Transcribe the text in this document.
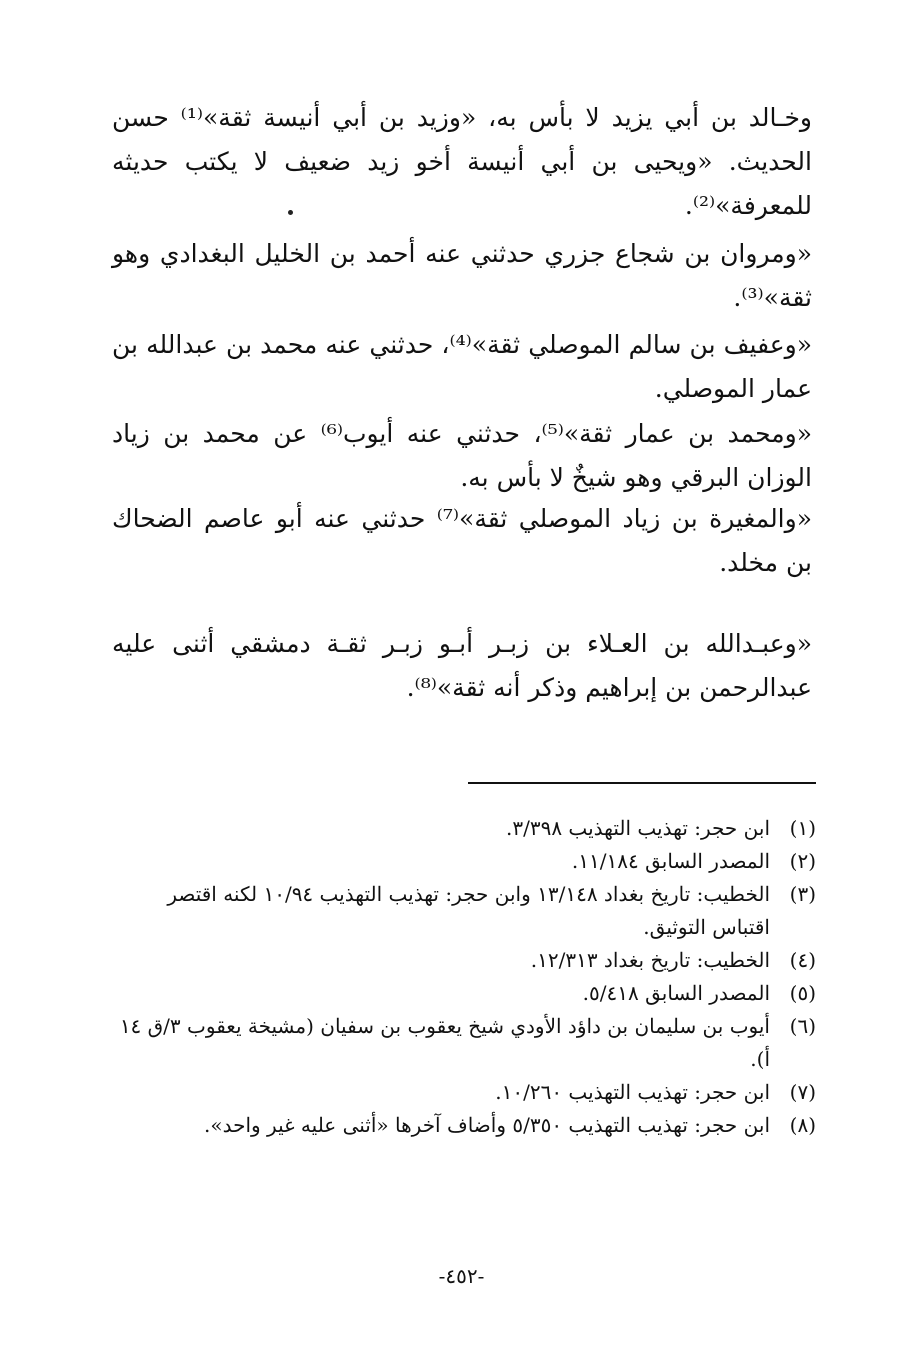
وخـالد بن أبي يزيد لا بأس به، «وزيد بن أبي أنيسة ثقة»⁽¹⁾ حسن الحديث. «ويحيى بن أبي أنيسة أخو زيد ضعيف لا يكتب حديثه للمعرفة»⁽²⁾.

«ومروان بن شجاع جزري حدثني عنه أحمد بن الخليل البغدادي وهو ثقة»⁽³⁾.

«وعفيف بن سالم الموصلي ثقة»⁽⁴⁾، حدثني عنه محمد بن عبدالله بن عمار الموصلي.

«ومحمد بن عمار ثقة»⁽⁵⁾، حدثني عنه أيوب⁽⁶⁾ عن محمد بن زياد الوزان البرقي وهو شيخٌ لا بأس به.

«والمغيرة بن زياد الموصلي ثقة»⁽⁷⁾ حدثني عنه أبو عاصم الضحاك بن مخلد.

«وعبـدالله بن العـلاء بن زبـر أبـو زبـر ثقـة دمشقي أثنى عليه عبدالرحمن بن إبراهيم وذكر أنه ثقة»⁽⁸⁾.

(١)
ابن حجر: تهذيب التهذيب ٣/٣٩٨.
(٢)
المصدر السابق ١١/١٨٤.
(٣)
الخطيب: تاريخ بغداد ١٣/١٤٨ وابن حجر: تهذيب التهذيب ١٠/٩٤ لكنه اقتصر اقتباس التوثيق.
(٤)
الخطيب: تاريخ بغداد ١٢/٣١٣.
(٥)
المصدر السابق ٥/٤١٨.
(٦)
أيوب بن سليمان بن داؤد الأودي شيخ يعقوب بن سفيان (مشيخة يعقوب ٣/ق ١٤ أ).
(٧)
ابن حجر: تهذيب التهذيب ١٠/٢٦٠.
(٨)
ابن حجر: تهذيب التهذيب ٥/٣٥٠ وأضاف آخرها «أثنى عليه غير واحد».
-٤٥٢-
